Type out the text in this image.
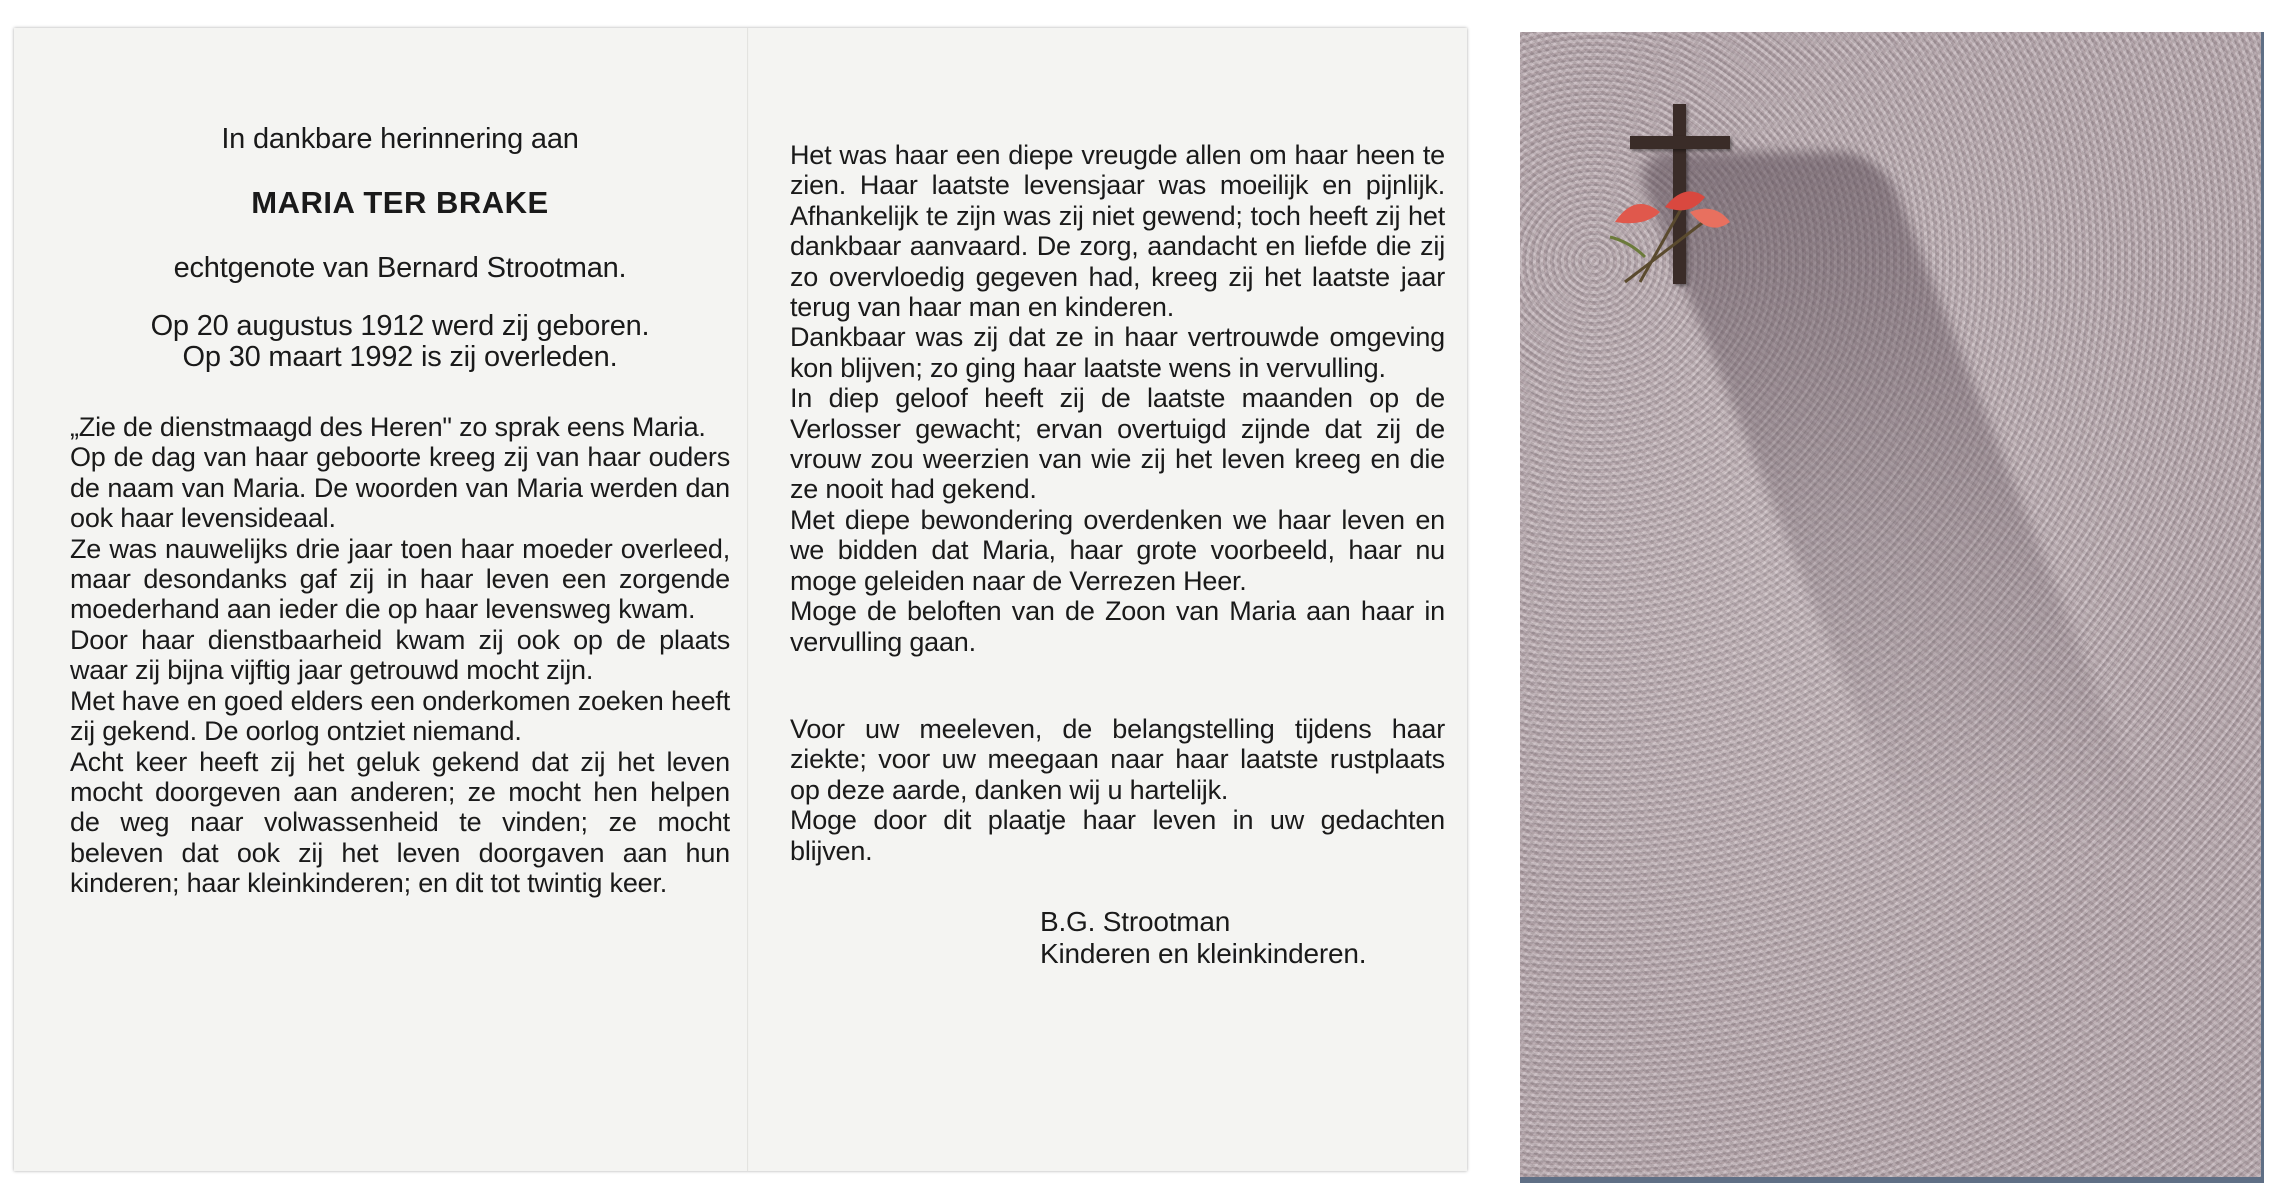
In dankbare herinnering aan
MARIA TER BRAKE
echtgenote van Bernard Strootman.

Op 20 augustus 1912 werd zij geboren.

Op 30 maart 1992 is zij overleden.

„Zie de dienstmaagd des Heren" zo sprak eens Maria.

Op de dag van haar geboorte kreeg zij van haar ouders de naam van Maria. De woorden van Maria werden dan ook haar levensideaal.

Ze was nauwelijks drie jaar toen haar moeder overleed, maar desondanks gaf zij in haar leven een zorgende moederhand aan ieder die op haar levensweg kwam.

Door haar dienstbaarheid kwam zij ook op de plaats waar zij bijna vijftig jaar getrouwd mocht zijn.

Met have en goed elders een onderkomen zoeken heeft zij gekend. De oorlog ontziet niemand.

Acht keer heeft zij het geluk gekend dat zij het leven mocht doorgeven aan anderen; ze mocht hen helpen de weg naar volwassenheid te vinden; ze mocht beleven dat ook zij het leven doorgaven aan hun kinderen; haar kleinkinderen; en dit tot twintig keer.

Het was haar een diepe vreugde allen om haar heen te zien. Haar laatste levensjaar was moeilijk en pijnlijk. Afhankelijk te zijn was zij niet gewend; toch heeft zij het dankbaar aanvaard. De zorg, aandacht en liefde die zij zo overvloedig gegeven had, kreeg zij het laatste jaar terug van haar man en kinderen.

Dankbaar was zij dat ze in haar vertrouwde omgeving kon blijven; zo ging haar laatste wens in vervulling.

In diep geloof heeft zij de laatste maanden op de Verlosser gewacht; ervan overtuigd zijnde dat zij de vrouw zou weerzien van wie zij het leven kreeg en die ze nooit had gekend.

Met diepe bewondering overdenken we haar leven en we bidden dat Maria, haar grote voorbeeld, haar nu moge geleiden naar de Verrezen Heer.

Moge de beloften van de Zoon van Maria aan haar in vervulling gaan.

Voor uw meeleven, de belangstelling tijdens haar ziekte; voor uw meegaan naar haar laatste rustplaats op deze aarde, danken wij u hartelijk.

Moge door dit plaatje haar leven in uw gedachten blijven.

B.G. Strootman

Kinderen en kleinkinderen.
